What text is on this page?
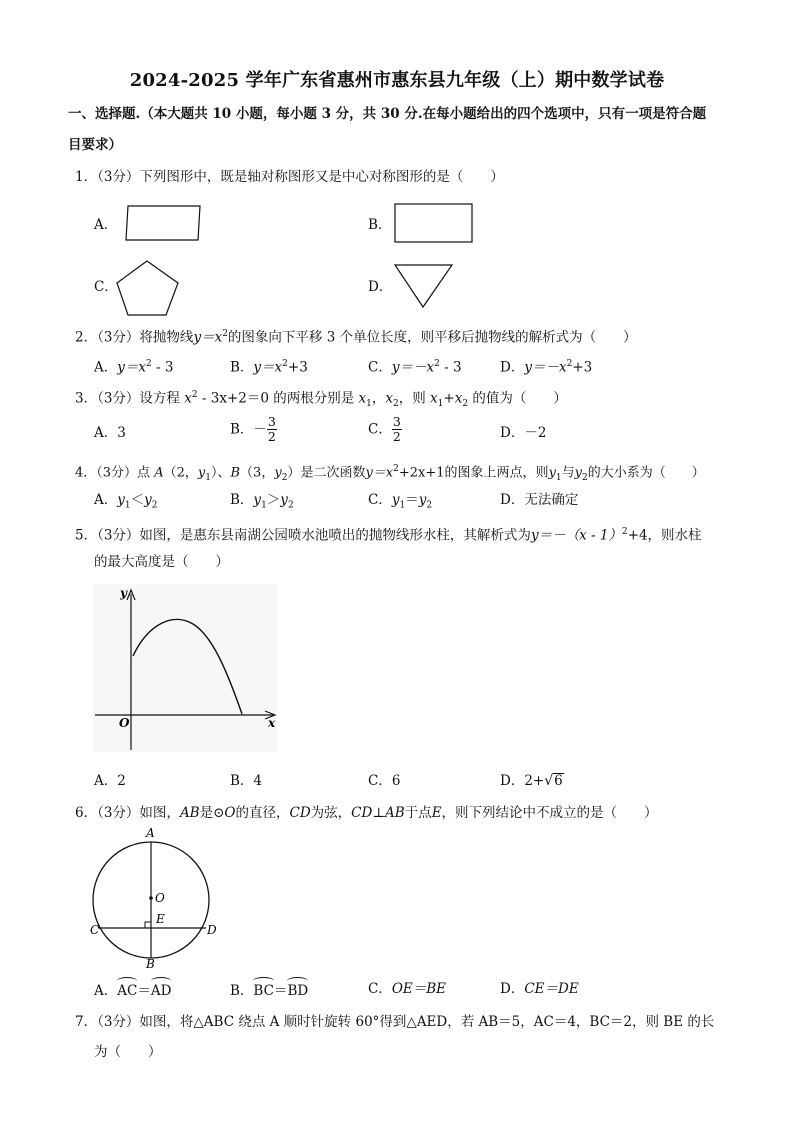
2024-2025 学年广东省惠州市惠东县九年级（上）期中数学试卷
一、选择题.（本大题共 10 小题，每小题 3 分，共 30 分.在每小题给出的四个选项中，只有一项是符合题
目要求）
1．（3分）下列图形中，既是轴对称图形又是中心对称图形的是（　　）
A．	B．
C．	D．
2．（3分）将抛物线$y=x^2$的图象向下平移 3 个单位长度，则平移后抛物线的解析式为（　　）
A．$y=x^2 - 3$	B．$y=x^2+3$	C．$y=-x^2 - 3$	D．$y=-x^2+3$
3．（3分）设方程 $x^2 - 3x+2=0$ 的两根分别是 $x_1$，$x_2$，则 $x_1+x_2$ 的值为（　　）
A．3	B．－ $\frac{3}{2}$	C． $\frac{3}{2}$	D．－2
4．（3分）点 A（2，$y_1$）、B（3，$y_2$）是二次函数$y=x^2+2x+1$的图象上两点，则$y_1$与$y_2$的大小系为（　　）
A．$y_1<y_2$	B．$y_1>y_2$	C．$y_1=y_2$	D．无法确定
5．（3分）如图，是惠东县南湖公园喷水池喷出的抛物线形水柱，其解析式为y＝－（x - 1）$^2$+4，则水柱
的最大高度是（　　）
y
x
O
A．2	B．4	C．6	D．2+√6
6．（3分）如图，AB是⊙O的直径，CD为弦，CD⊥AB于点E，则下列结论中不成立的是（　　）
A
O
E
C	D
B
A．AC＝AD	B．BC＝BD	C．OE＝BE	D．CE＝DE
7．（3分）如图，将△ABC 绕点 A 顺时针旋转 60°得到△AED，若 AB＝5，AC＝4，BC＝2，则 BE 的长
为（　　）
